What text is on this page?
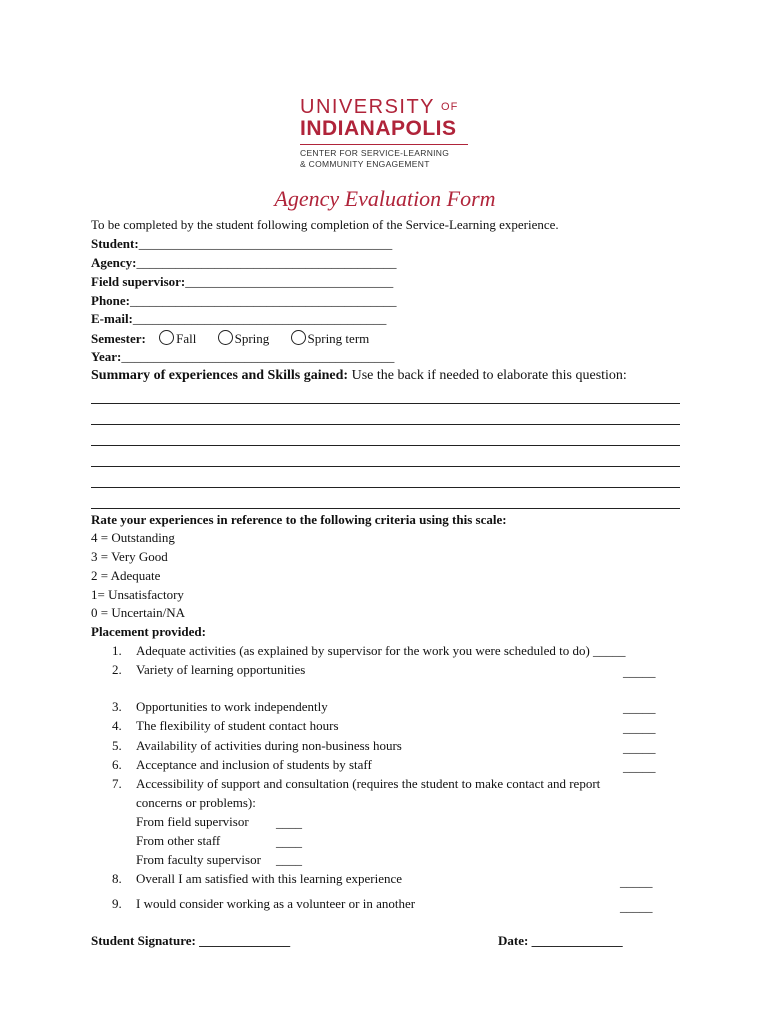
UNIVERSITY $^{OF}$
INDIANAPOLIS
CENTER FOR SERVICE-LEARNING
& COMMUNITY ENGAGEMENT
Agency Evaluation Form
To be completed by the student following completion of the Service-Learning experience.
Student:_______________________________________
Agency:________________________________________
Field supervisor:________________________________
Phone:_________________________________________
E-mail:_______________________________________
Semester: Fall	Spring	Spring term
Year:__________________________________________
Summary of experiences and Skills gained: Use the back if needed to elaborate this question:
Rate your experiences in reference to the following criteria using this scale:
4 = Outstanding
3 = Very Good
2 = Adequate
1= Unsatisfactory
0 = Uncertain/NA
Placement provided:
1. Adequate activities (as explained by supervisor for the work you were scheduled to do) _____
2. Variety of learning opportunities	_____
3. Opportunities to work independently	_____
4. The flexibility of student contact hours	_____
5. Availability of activities during non-business hours	_____
6. Acceptance and inclusion of students by staff	_____
7. Accessibility of support and consultation (requires the student to make contact and report
concerns or problems):
From field supervisor ____
From other staff	____
From faculty supervisor ____
8. Overall I am satisfied with this learning experience	_____
9. I would consider working as a volunteer or in another	_____
Student Signature: ______________	Date: ______________
